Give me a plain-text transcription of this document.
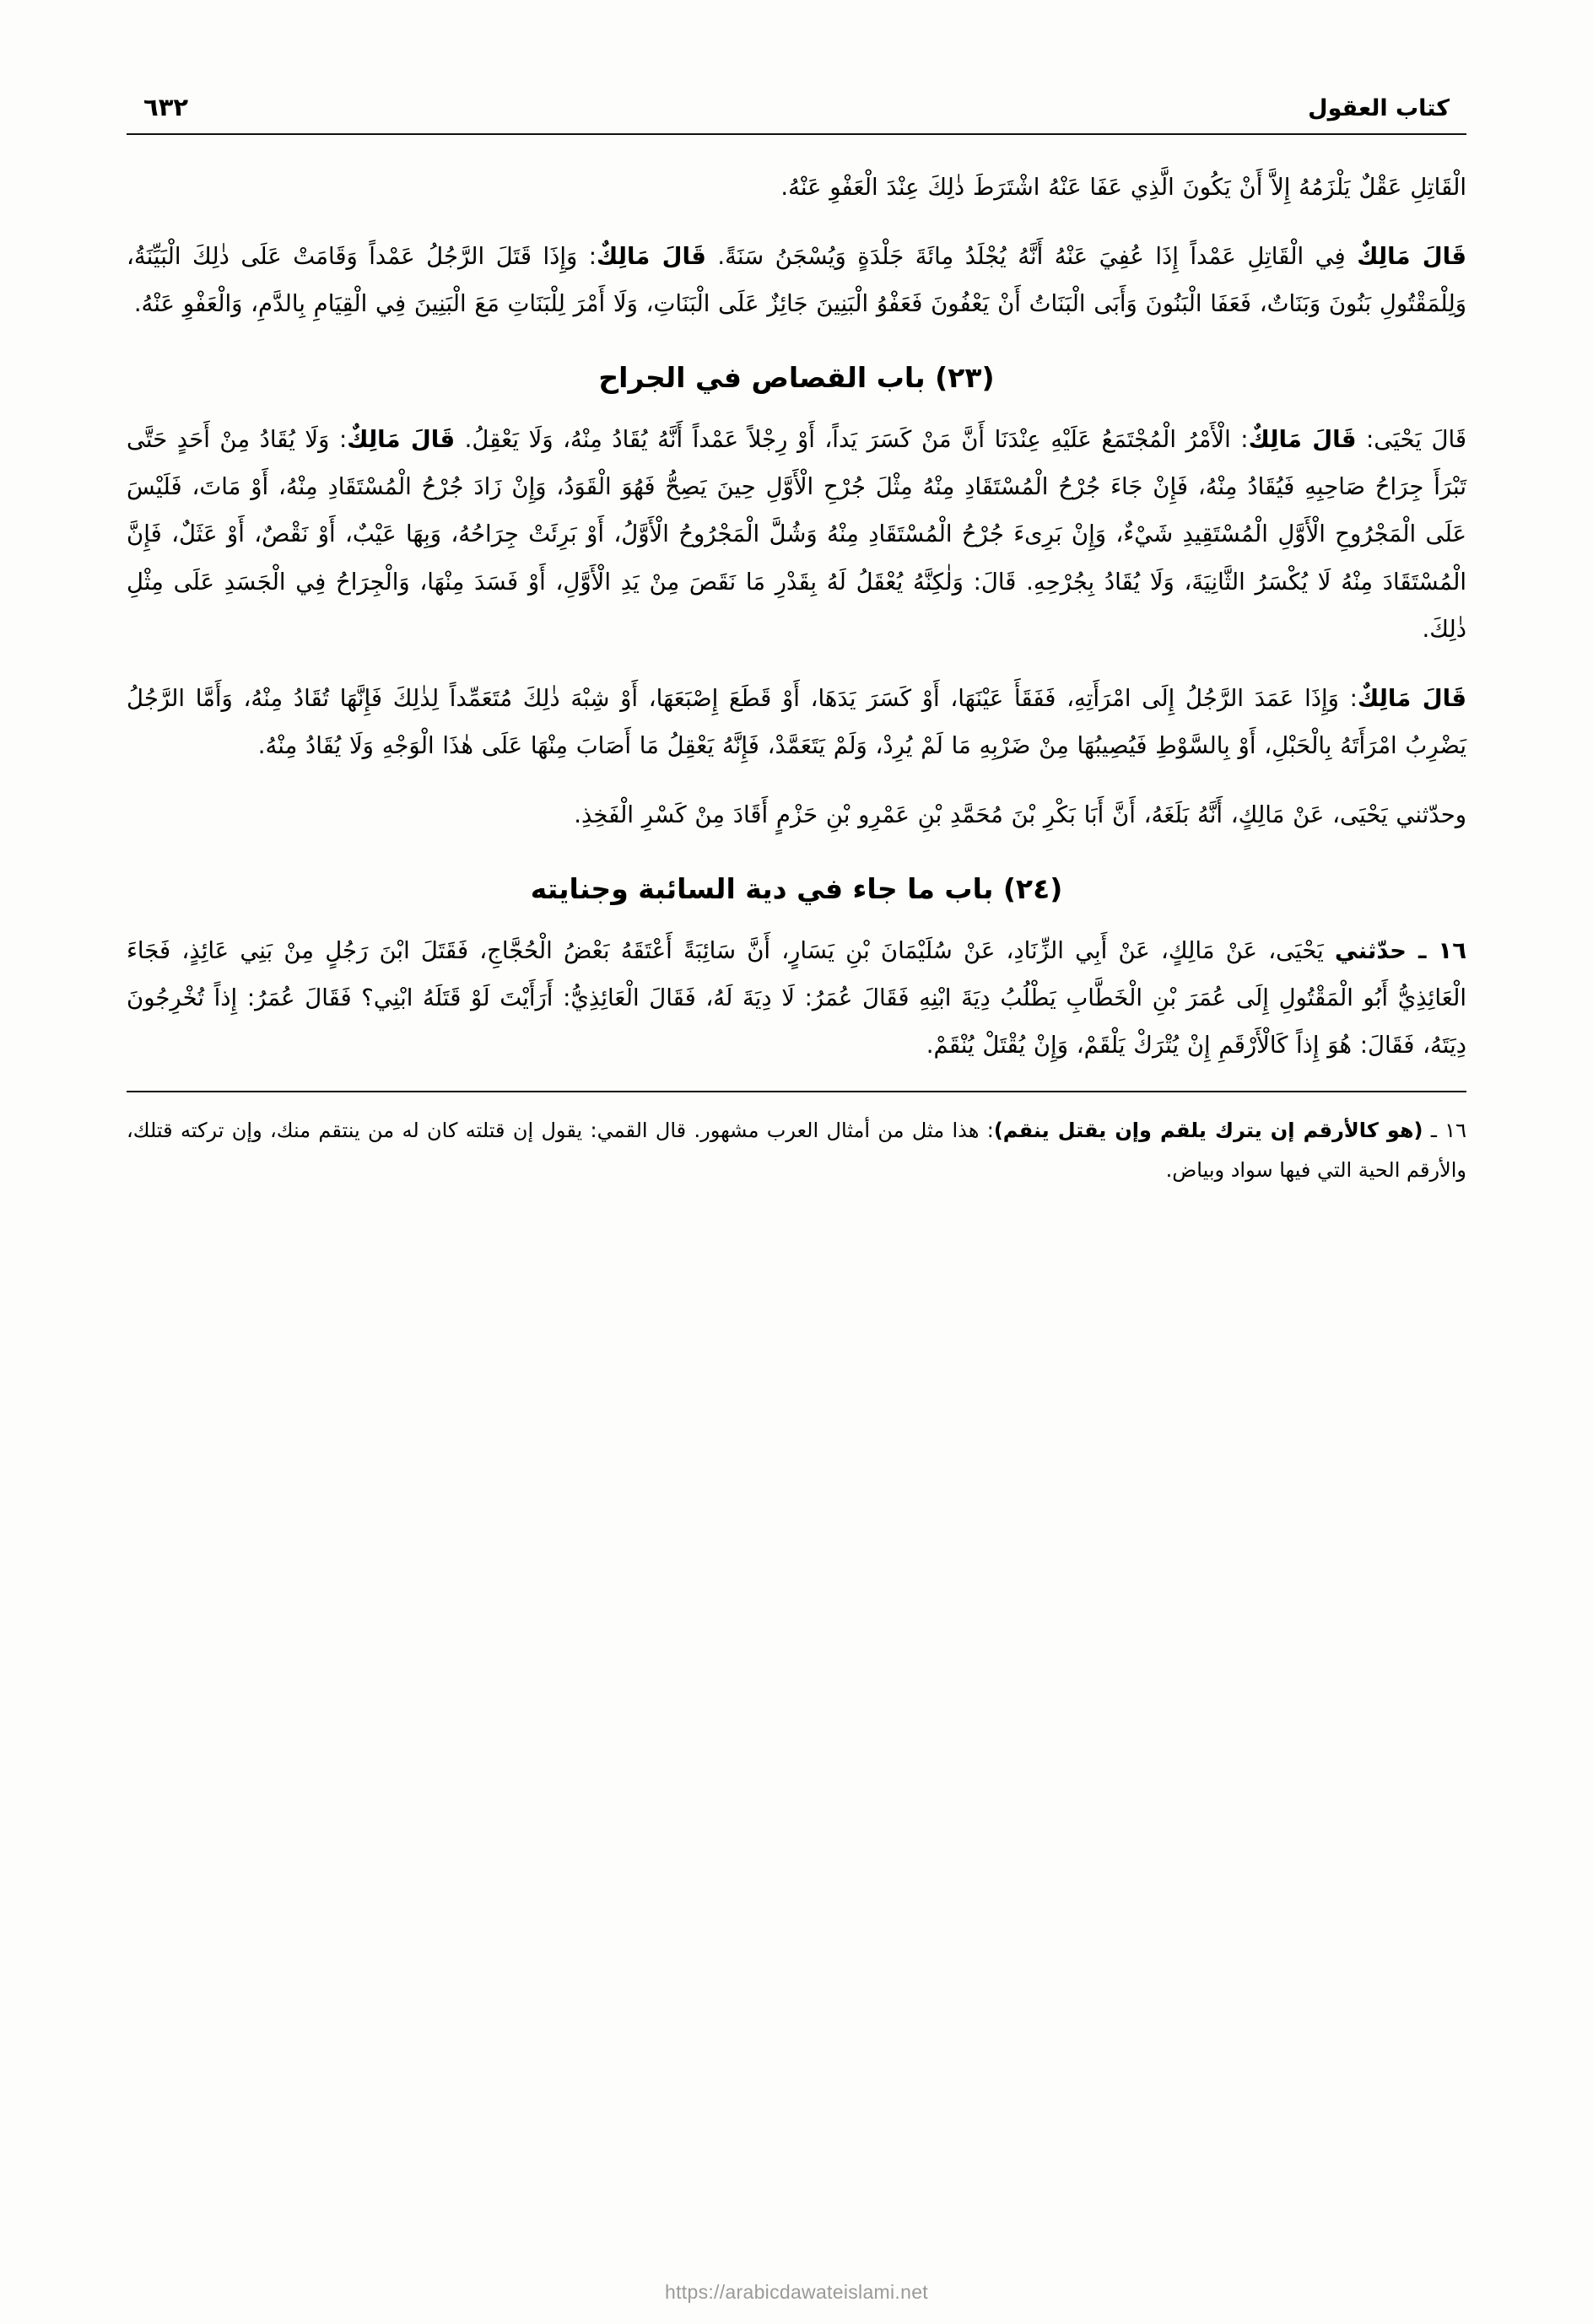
كتاب العقول
٦٣٢

الْقَاتِلِ عَقْلٌ يَلْزَمُهُ إِلاَّ أَنْ يَكُونَ الَّذِي عَفَا عَنْهُ اشْتَرَطَ ذٰلِكَ عِنْدَ الْعَفْوِ عَنْهُ.

قَالَ مَالِكٌ فِي الْقَاتِلِ عَمْداً إِذَا عُفِيَ عَنْهُ أَنَّهُ يُجْلَدُ مِائَةَ جَلْدَةٍ وَيُسْجَنُ سَنَةً. قَالَ مَالِكٌ: وَإِذَا قَتَلَ الرَّجُلُ عَمْداً وَقَامَتْ عَلَى ذٰلِكَ الْبَيِّنَةُ، وَلِلْمَقْتُولِ بَنُونَ وَبَنَاتٌ، فَعَفَا الْبَنُونَ وَأَبَى الْبَنَاتُ أَنْ يَعْفُونَ فَعَفْوُ الْبَنِينَ جَائِزٌ عَلَى الْبَنَاتِ، وَلَا أَمْرَ لِلْبَنَاتِ مَعَ الْبَنِينَ فِي الْقِيَامِ بِالدَّمِ، وَالْعَفْوِ عَنْهُ.

(٢٣) باب القصاص في الجراح

قَالَ يَحْيَى: قَالَ مَالِكٌ: الْأَمْرُ الْمُجْتَمَعُ عَلَيْهِ عِنْدَنَا أَنَّ مَنْ كَسَرَ يَداً، أَوْ رِجْلاً عَمْداً أَنَّهُ يُقَادُ مِنْهُ، وَلَا يَعْقِلُ. قَالَ مَالِكٌ: وَلَا يُقَادُ مِنْ أَحَدٍ حَتَّى تَبْرَأَ جِرَاحُ صَاحِبِهِ فَيُقَادُ مِنْهُ، فَإِنْ جَاءَ جُرْحُ الْمُسْتَقَادِ مِنْهُ مِثْلَ جُرْحِ الْأَوَّلِ حِينَ يَصِحُّ فَهُوَ الْقَوَدُ، وَإِنْ زَادَ جُرْحُ الْمُسْتَقَادِ مِنْهُ، أَوْ مَاتَ، فَلَيْسَ عَلَى الْمَجْرُوحِ الْأَوَّلِ الْمُسْتَقِيدِ شَيْءٌ، وَإِنْ بَرِىءَ جُرْحُ الْمُسْتَقَادِ مِنْهُ وَشُلَّ الْمَجْرُوحُ الْأَوَّلُ، أَوْ بَرِئَتْ جِرَاحُهُ، وَبِهَا عَيْبٌ، أَوْ نَقْصٌ، أَوْ عَثَلٌ، فَإِنَّ الْمُسْتَقَادَ مِنْهُ لَا يُكْسَرُ الثَّانِيَةَ، وَلَا يُقَادُ بِجُرْحِهِ. قَالَ: وَلٰكِنَّهُ يُعْقَلُ لَهُ بِقَدْرِ مَا نَقَصَ مِنْ يَدِ الْأَوَّلِ، أَوْ فَسَدَ مِنْهَا، وَالْجِرَاحُ فِي الْجَسَدِ عَلَى مِثْلِ ذٰلِكَ.

قَالَ مَالِكٌ: وَإِذَا عَمَدَ الرَّجُلُ إِلَى امْرَأَتِهِ، فَفَقَأَ عَيْنَهَا، أَوْ كَسَرَ يَدَهَا، أَوْ قَطَعَ إِصْبَعَهَا، أَوْ شِبْهَ ذٰلِكَ مُتَعَمِّداً لِذٰلِكَ فَإِنَّهَا تُقَادُ مِنْهُ، وَأَمَّا الرَّجُلُ يَضْرِبُ امْرَأَتَهُ بِالْحَبْلِ، أَوْ بِالسَّوْطِ فَيُصِيبُهَا مِنْ ضَرْبِهِ مَا لَمْ يُرِدْ، وَلَمْ يَتَعَمَّدْ، فَإِنَّهُ يَعْقِلُ مَا أَصَابَ مِنْهَا عَلَى هٰذَا الْوَجْهِ وَلَا يُقَادُ مِنْهُ.

وحدّثني يَحْيَى، عَنْ مَالِكٍ، أَنَّهُ بَلَغَهُ، أَنَّ أَبَا بَكْرِ بْنَ مُحَمَّدِ بْنِ عَمْرِو بْنِ حَزْمٍ أَقَادَ مِنْ كَسْرِ الْفَخِذِ.

(٢٤) باب ما جاء في دية السائبة وجنايته

١٦ ـ حدّثني يَحْيَى، عَنْ مَالِكٍ، عَنْ أَبِي الزِّنَادِ، عَنْ سُلَيْمَانَ بْنِ يَسَارٍ، أَنَّ سَائِبَةً أَعْتَقَهُ بَعْضُ الْحُجَّاجِ، فَقَتَلَ ابْنَ رَجُلٍ مِنْ بَنِي عَائِذٍ، فَجَاءَ الْعَائِذِيُّ أَبُو الْمَقْتُولِ إِلَى عُمَرَ بْنِ الْخَطَّابِ يَطْلُبُ دِيَةَ ابْنِهِ فَقَالَ عُمَرُ: لَا دِيَةَ لَهُ، فَقَالَ الْعَائِذِيُّ: أَرَأَيْتَ لَوْ قَتَلَهُ ابْنِي؟ فَقَالَ عُمَرُ: إِذاً تُخْرِجُونَ دِيَتَهُ، فَقَالَ: هُوَ إِذاً كَالْأَرْقَمِ إِنْ يُتْرَكْ يَلْقَمْ، وَإِنْ يُقْتَلْ يُنْقَمْ.

١٦ ـ (هو كالأرقم إن يترك يلقم وإن يقتل ينقم): هذا مثل من أمثال العرب مشهور. قال القمي: يقول إن قتلته كان له من ينتقم منك، وإن تركته قتلك، والأرقم الحية التي فيها سواد وبياض.

https://arabicdawateislami.net
